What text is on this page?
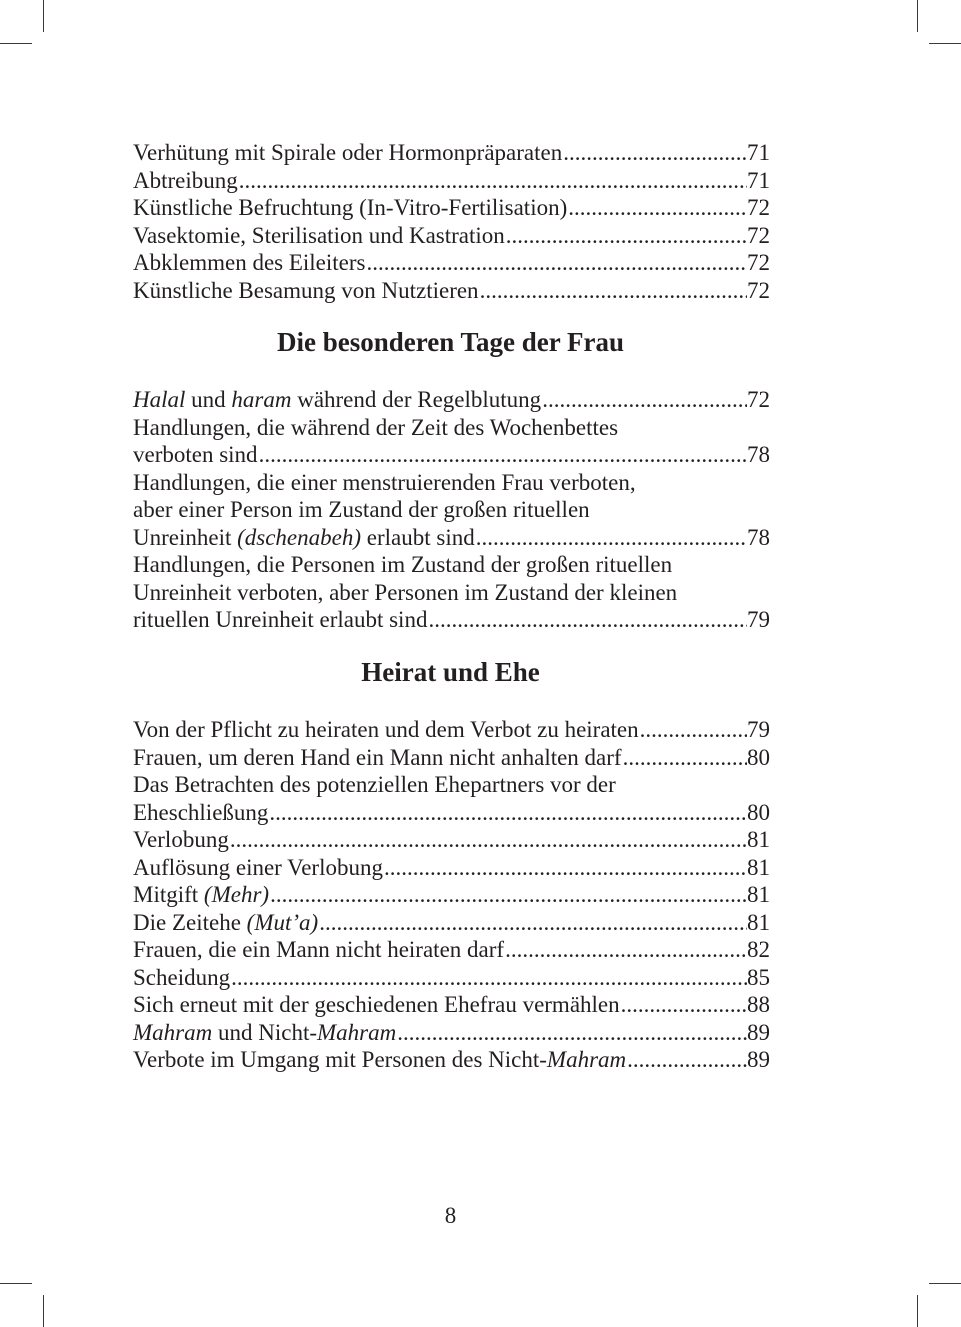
Verhütung mit Spirale oder Hormonpräparaten .....	71
Abtreibung .....	71
Künstliche Befruchtung (In-Vitro-Fertilisation) .....	72
Vasektomie, Sterilisation und Kastration .....	72
Abklemmen des Eileiters .....	72
Künstliche Besamung von Nutztieren .....	72
Die besonderen Tage der Frau
Halal und haram während der Regelblutung .....	72
Handlungen, die während der Zeit des Wochenbettes
verboten sind .....	78
Handlungen, die einer menstruierenden Frau verboten,
aber einer Person im Zustand der großen rituellen
Unreinheit (dschenabeh) erlaubt sind .....	78
Handlungen, die Personen im Zustand der großen rituellen
Unreinheit verboten, aber Personen im Zustand der kleinen
rituellen Unreinheit erlaubt sind .....	79
Heirat und Ehe
Von der Pflicht zu heiraten und dem Verbot zu heiraten .....	79
Frauen, um deren Hand ein Mann nicht anhalten darf .....	80
Das Betrachten des potenziellen Ehepartners vor der
Eheschließung .....	80
Verlobung .....	81
Auflösung einer Verlobung .....	81
Mitgift (Mehr) .....	81
Die Zeitehe (Mut’a) .....	81
Frauen, die ein Mann nicht heiraten darf .....	82
Scheidung .....	85
Sich erneut mit der geschiedenen Ehefrau vermählen .....	88
Mahram und Nicht-Mahram .....	89
Verbote im Umgang mit Personen des Nicht-Mahram .....	89
8
